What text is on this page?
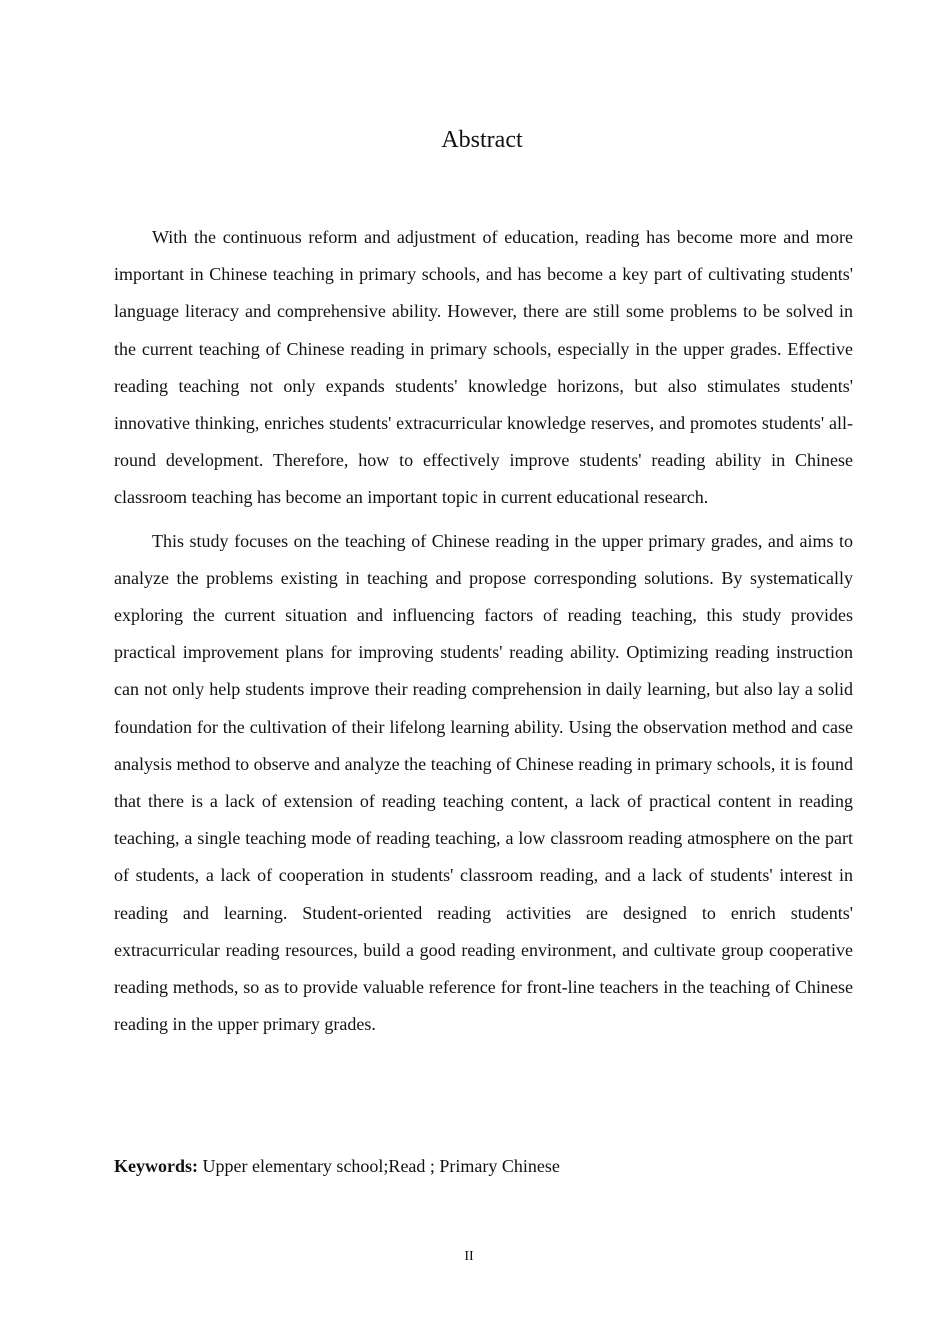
Abstract

With the continuous reform and adjustment of education, reading has become more and more important in Chinese teaching in primary schools, and has become a key part of cultivating students' language literacy and comprehensive ability. However, there are still some problems to be solved in the current teaching of Chinese reading in primary schools, especially in the upper grades. Effective reading teaching not only expands students' knowledge horizons, but also stimulates students' innovative thinking, enriches students' extracurricular knowledge reserves, and promotes students' all-round development. Therefore, how to effectively improve students' reading ability in Chinese classroom teaching has become an important topic in current educational research.

This study focuses on the teaching of Chinese reading in the upper primary grades, and aims to analyze the problems existing in teaching and propose corresponding solutions. By systematically exploring the current situation and influencing factors of reading teaching, this study provides practical improvement plans for improving students' reading ability. Optimizing reading instruction can not only help students improve their reading comprehension in daily learning, but also lay a solid foundation for the cultivation of their lifelong learning ability. Using the observation method and case analysis method to observe and analyze the teaching of Chinese reading in primary schools, it is found that there is a lack of extension of reading teaching content, a lack of practical content in reading teaching, a single teaching mode of reading teaching, a low classroom reading atmosphere on the part of students, a lack of cooperation in students' classroom reading, and a lack of students' interest in reading and learning. Student-oriented reading activities are designed to enrich students' extracurricular reading resources, build a good reading environment, and cultivate group cooperative reading methods, so as to provide valuable reference for front-line teachers in the teaching of Chinese reading in the upper primary grades.

Keywords: Upper elementary school;Read ; Primary Chinese

II
